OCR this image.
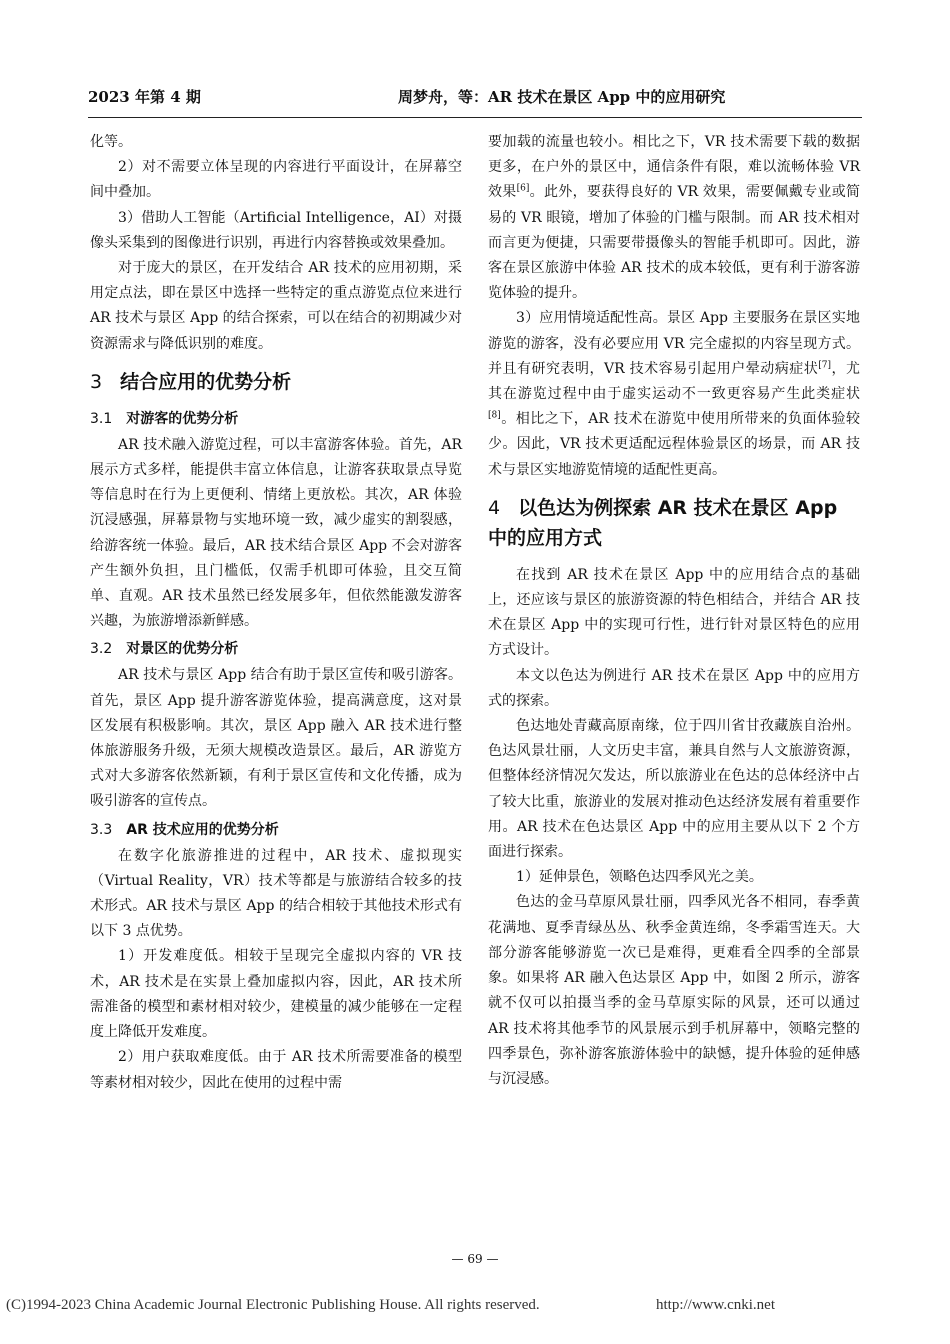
2023 年第 4 期	周梦舟，等：AR 技术在景区 App 中的应用研究

化等。

2）对不需要立体呈现的内容进行平面设计，在屏幕空间中叠加。

3）借助人工智能（Artificial Intelligence，AI）对摄像头采集到的图像进行识别，再进行内容替换或效果叠加。

对于庞大的景区，在开发结合 AR 技术的应用初期，采用定点法，即在景区中选择一些特定的重点游览点位来进行 AR 技术与景区 App 的结合探索，可以在结合的初期减少对资源需求与降低识别的难度。

3 结合应用的优势分析
3.1 对游客的优势分析

AR 技术融入游览过程，可以丰富游客体验。首先，AR 展示方式多样，能提供丰富立体信息，让游客获取景点导览等信息时在行为上更便利、情绪上更放松。其次，AR 体验沉浸感强，屏幕景物与实地环境一致，减少虚实的割裂感，给游客统一体验。最后，AR 技术结合景区 App 不会对游客产生额外负担，且门槛低，仅需手机即可体验，且交互简单、直观。AR 技术虽然已经发展多年，但依然能激发游客兴趣，为旅游增添新鲜感。

3.2 对景区的优势分析

AR 技术与景区 App 结合有助于景区宣传和吸引游客。首先，景区 App 提升游客游览体验，提高满意度，这对景区发展有积极影响。其次，景区 App 融入 AR 技术进行整体旅游服务升级，无须大规模改造景区。最后，AR 游览方式对大多游客依然新颖，有利于景区宣传和文化传播，成为吸引游客的宣传点。

3.3 AR 技术应用的优势分析

在数字化旅游推进的过程中，AR 技术、虚拟现实（Virtual Reality，VR）技术等都是与旅游结合较多的技术形式。AR 技术与景区 App 的结合相较于其他技术形式有以下 3 点优势。

1）开发难度低。相较于呈现完全虚拟内容的 VR 技术，AR 技术是在实景上叠加虚拟内容，因此，AR 技术所需准备的模型和素材相对较少，建模量的减少能够在一定程度上降低开发难度。

2）用户获取难度低。由于 AR 技术所需要准备的模型等素材相对较少，因此在使用的过程中需

要加载的流量也较小。相比之下，VR 技术需要下载的数据更多，在户外的景区中，通信条件有限，难以流畅体验 VR 效果[6]。此外，要获得良好的 VR 效果，需要佩戴专业或简易的 VR 眼镜，增加了体验的门槛与限制。而 AR 技术相对而言更为便捷，只需要带摄像头的智能手机即可。因此，游客在景区旅游中体验 AR 技术的成本较低，更有利于游客游览体验的提升。

3）应用情境适配性高。景区 App 主要服务在景区实地游览的游客，没有必要应用 VR 完全虚拟的内容呈现方式。并且有研究表明，VR 技术容易引起用户晕动病症状[7]，尤其在游览过程中由于虚实运动不一致更容易产生此类症状[8]。相比之下，AR 技术在游览中使用所带来的负面体验较少。因此，VR 技术更适配远程体验景区的场景，而 AR 技术与景区实地游览情境的适配性更高。

4 以色达为例探索 AR 技术在景区 App 中的应用方式

在找到 AR 技术在景区 App 中的应用结合点的基础上，还应该与景区的旅游资源的特色相结合，并结合 AR 技术在景区 App 中的实现可行性，进行针对景区特色的应用方式设计。

本文以色达为例进行 AR 技术在景区 App 中的应用方式的探索。

色达地处青藏高原南缘，位于四川省甘孜藏族自治州。色达风景壮丽，人文历史丰富，兼具自然与人文旅游资源，但整体经济情况欠发达，所以旅游业在色达的总体经济中占了较大比重，旅游业的发展对推动色达经济发展有着重要作用。AR 技术在色达景区 App 中的应用主要从以下 2 个方面进行探索。

1）延伸景色，领略色达四季风光之美。

色达的金马草原风景壮丽，四季风光各不相同，春季黄花满地、夏季青绿丛丛、秋季金黄连绵，冬季霜雪连天。大部分游客能够游览一次已是难得，更难看全四季的全部景象。如果将 AR 融入色达景区 App 中，如图 2 所示，游客就不仅可以拍摄当季的金马草原实际的风景，还可以通过 AR 技术将其他季节的风景展示到手机屏幕中，领略完整的四季景色，弥补游客旅游体验中的缺憾，提升体验的延伸感与沉浸感。

— 69 —
(C)1994-2023 China Academic Journal Electronic Publishing House. All rights reserved.	http://www.cnki.net
